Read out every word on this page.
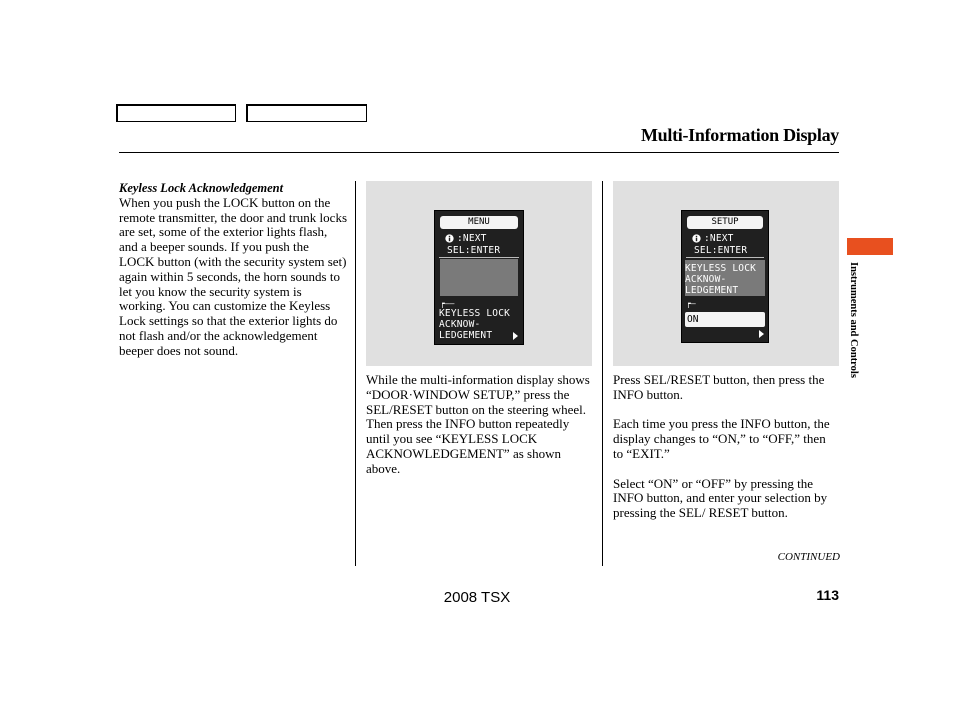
Multi-Information Display

Keyless Lock Acknowledgement

When you push the LOCK button on the remote transmitter, the door and trunk locks are set, some of the exterior lights flash, and a beeper sounds. If you push the LOCK button (with the security system set) again within 5 seconds, the horn sounds to let you know the security system is working. You can customize the Keyless Lock settings so that the exterior lights do not flash and/or the acknowledgement beeper does not sound.

MENU
:NEXT
SEL:ENTER
┍——
KEYLESS LOCK
ACKNOW-
LEDGEMENT

While the multi-information display shows “DOOR·WINDOW SETUP,” press the SEL/RESET button on the steering wheel. Then press the INFO button repeatedly until you see “KEYLESS LOCK ACKNOWLEDGEMENT” as shown above.

SETUP
:NEXT
SEL:ENTER
KEYLESS LOCK
ACKNOW-
LEDGEMENT
┍—
ON

Press SEL/RESET button, then press the INFO button.

Each time you press the INFO button, the display changes to “ON,” to “OFF,” then to “EXIT.”

Select “ON” or “OFF” by pressing the INFO button, and enter your selection by pressing the SEL/ RESET button.

Instruments and Controls
CONTINUED
2008 TSX	113
